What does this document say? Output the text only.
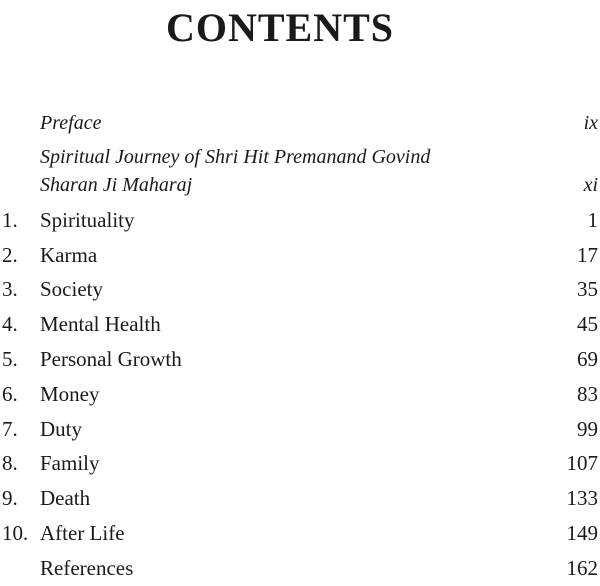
CONTENTS
Preface	ix
Spiritual Journey of Shri Hit Premanand Govind Sharan Ji Maharaj	xi
1. Spirituality	1
2. Karma	17
3. Society	35
4. Mental Health	45
5. Personal Growth	69
6. Money	83
7. Duty	99
8. Family	107
9. Death	133
10. After Life	149
References	162
